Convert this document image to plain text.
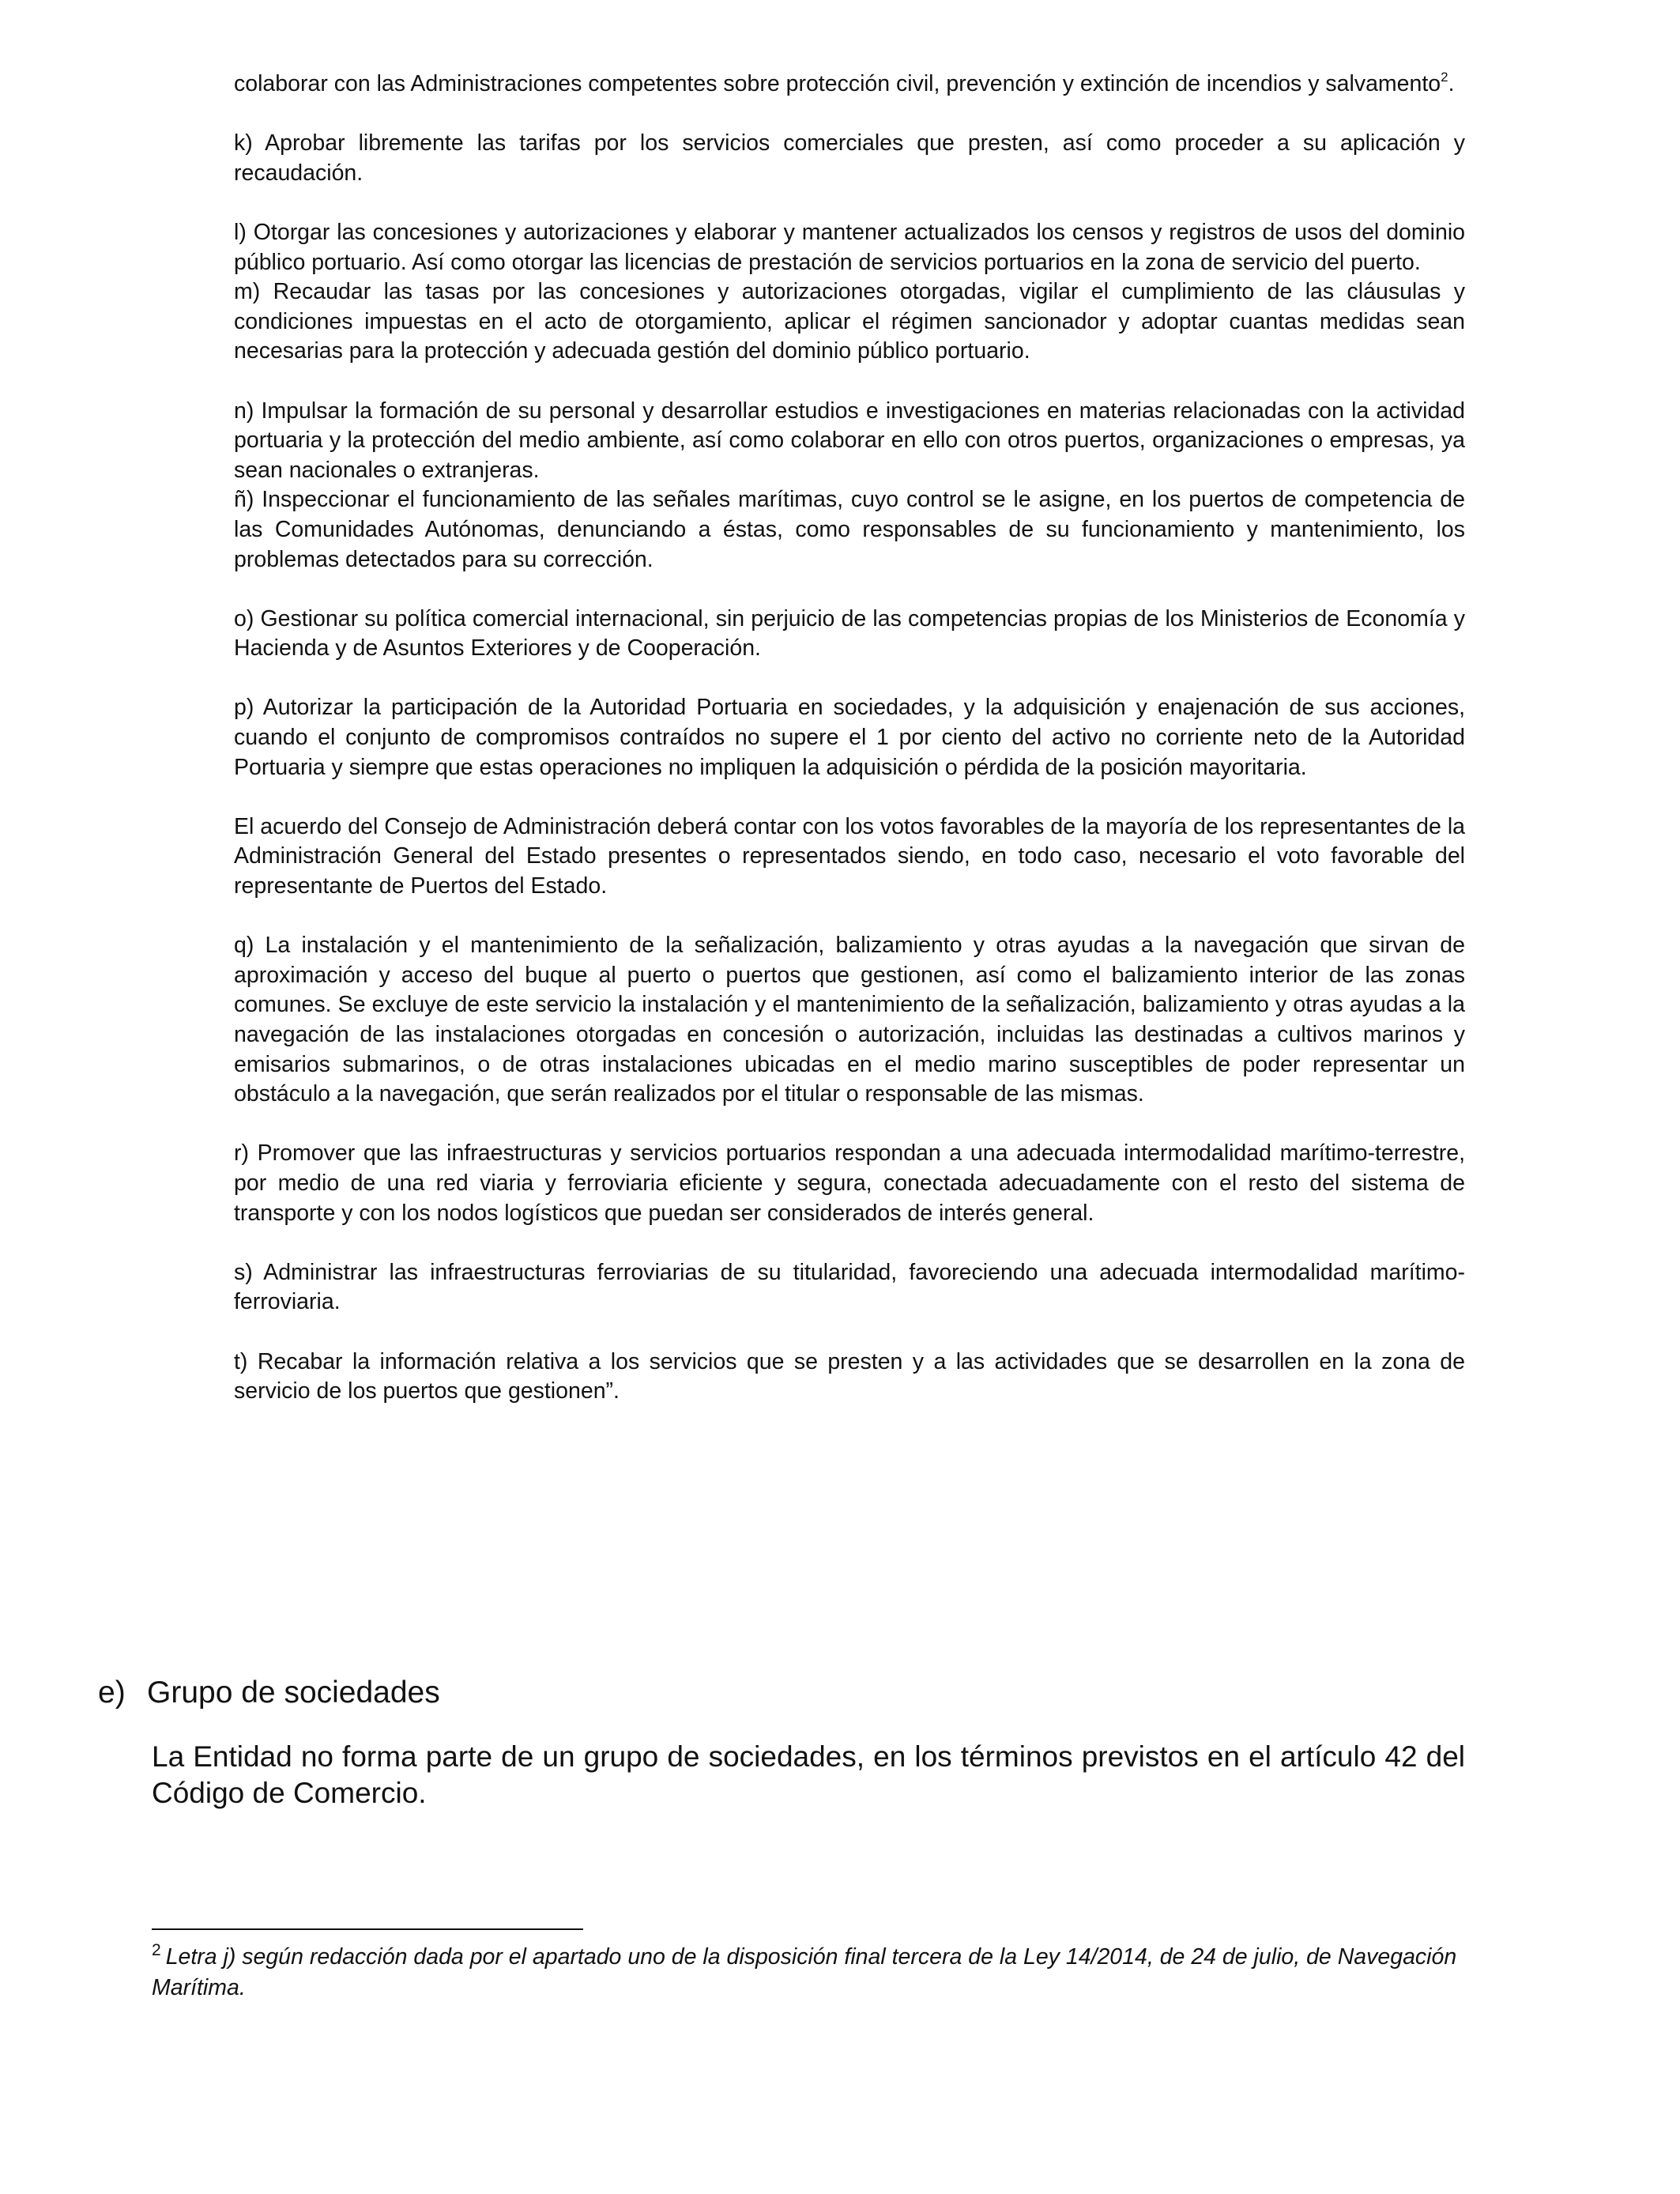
colaborar con las Administraciones competentes sobre protección civil, prevención y extinción de incendios y salvamento$^2$.

k) Aprobar libremente las tarifas por los servicios comerciales que presten, así como proceder a su aplicación y recaudación.

l) Otorgar las concesiones y autorizaciones y elaborar y mantener actualizados los censos y registros de usos del dominio público portuario. Así como otorgar las licencias de prestación de servicios portuarios en la zona de servicio del puerto.

m) Recaudar las tasas por las concesiones y autorizaciones otorgadas, vigilar el cumplimiento de las cláusulas y condiciones impuestas en el acto de otorgamiento, aplicar el régimen sancionador y adoptar cuantas medidas sean necesarias para la protección y adecuada gestión del dominio público portuario.

n) Impulsar la formación de su personal y desarrollar estudios e investigaciones en materias relacionadas con la actividad portuaria y la protección del medio ambiente, así como colaborar en ello con otros puertos, organizaciones o empresas, ya sean nacionales o extranjeras.

ñ) Inspeccionar el funcionamiento de las señales marítimas, cuyo control se le asigne, en los puertos de competencia de las Comunidades Autónomas, denunciando a éstas, como responsables de su funcionamiento y mantenimiento, los problemas detectados para su corrección.

o) Gestionar su política comercial internacional, sin perjuicio de las competencias propias de los Ministerios de Economía y Hacienda y de Asuntos Exteriores y de Cooperación.

p) Autorizar la participación de la Autoridad Portuaria en sociedades, y la adquisición y enajenación de sus acciones, cuando el conjunto de compromisos contraídos no supere el 1 por ciento del activo no corriente neto de la Autoridad Portuaria y siempre que estas operaciones no impliquen la adquisición o pérdida de la posición mayoritaria.

El acuerdo del Consejo de Administración deberá contar con los votos favorables de la mayoría de los representantes de la Administración General del Estado presentes o representados siendo, en todo caso, necesario el voto favorable del representante de Puertos del Estado.

q) La instalación y el mantenimiento de la señalización, balizamiento y otras ayudas a la navegación que sirvan de aproximación y acceso del buque al puerto o puertos que gestionen, así como el balizamiento interior de las zonas comunes. Se excluye de este servicio la instalación y el mantenimiento de la señalización, balizamiento y otras ayudas a la navegación de las instalaciones otorgadas en concesión o autorización, incluidas las destinadas a cultivos marinos y emisarios submarinos, o de otras instalaciones ubicadas en el medio marino susceptibles de poder representar un obstáculo a la navegación, que serán realizados por el titular o responsable de las mismas.

r) Promover que las infraestructuras y servicios portuarios respondan a una adecuada intermodalidad marítimo-terrestre, por medio de una red viaria y ferroviaria eficiente y segura, conectada adecuadamente con el resto del sistema de transporte y con los nodos logísticos que puedan ser considerados de interés general.

s) Administrar las infraestructuras ferroviarias de su titularidad, favoreciendo una adecuada intermodalidad marítimo-ferroviaria.

t) Recabar la información relativa a los servicios que se presten y a las actividades que se desarrollen en la zona de servicio de los puertos que gestionen”.

e) Grupo de sociedades

La Entidad no forma parte de un grupo de sociedades, en los términos previstos en el artículo 42 del Código de Comercio.

$^2$ Letra j) según redacción dada por el apartado uno de la disposición final tercera de la Ley 14/2014, de 24 de julio, de Navegación Marítima.
